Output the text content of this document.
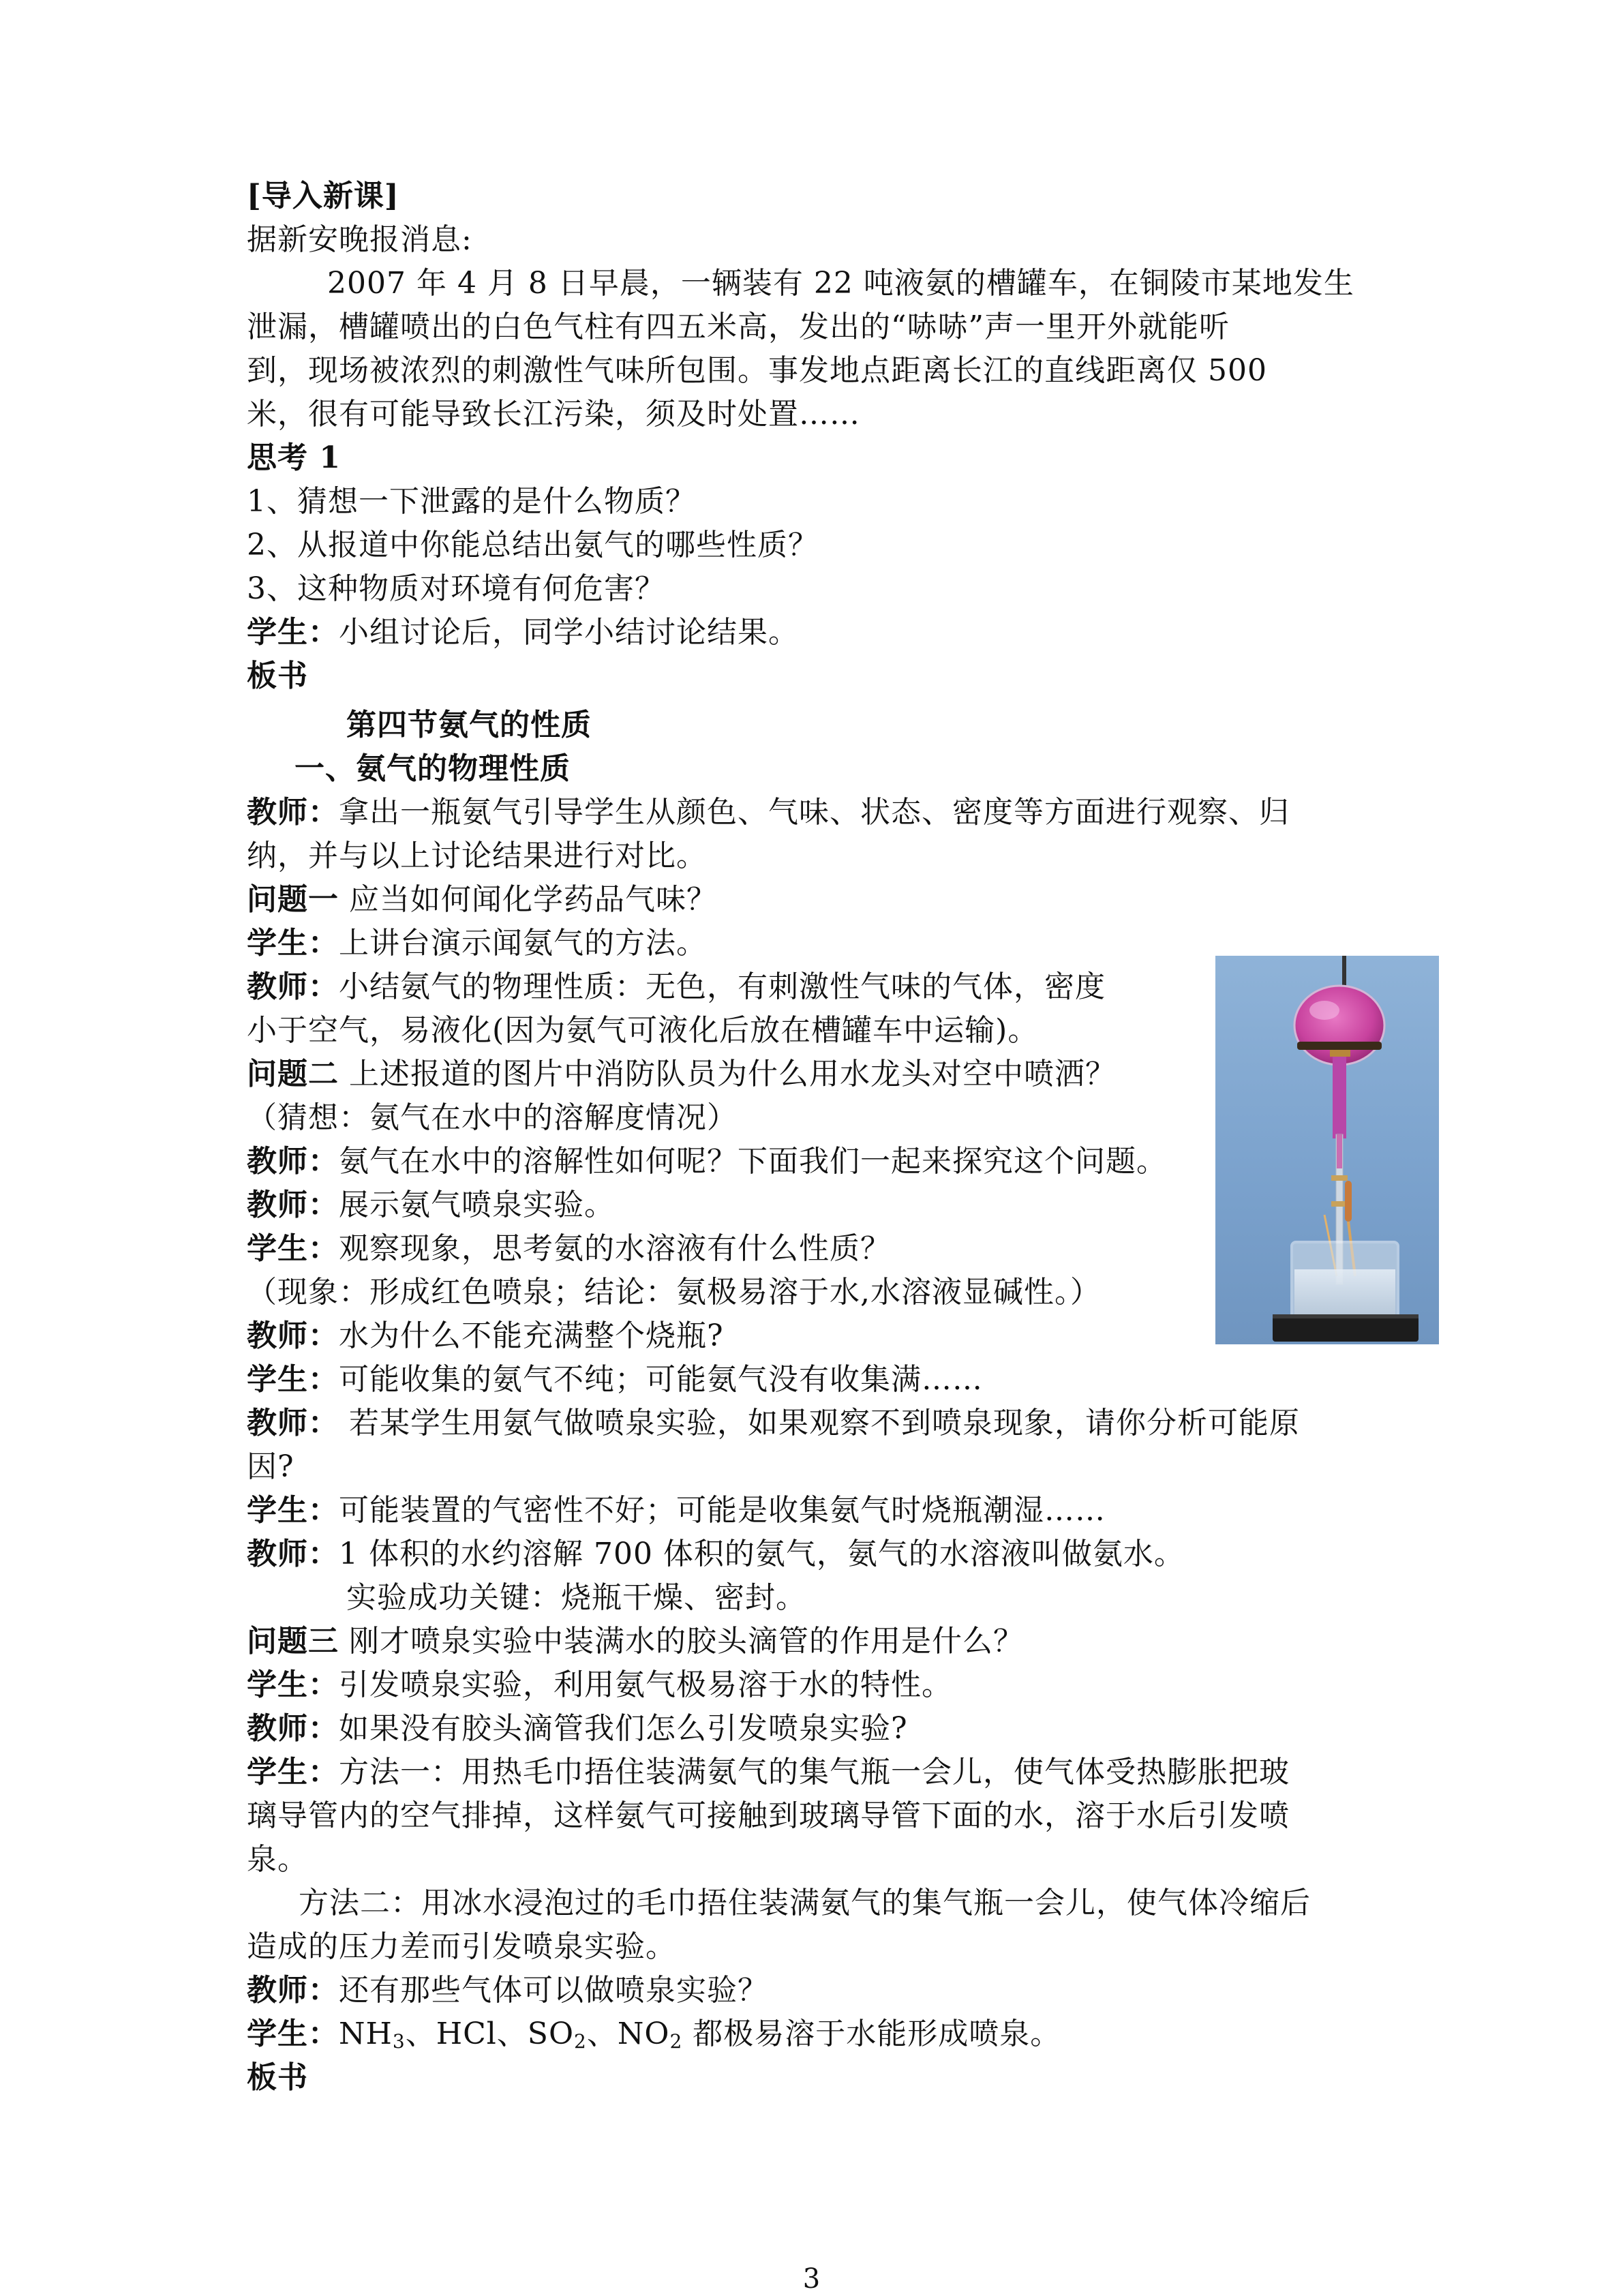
[导入新课]
据新安晚报消息:
2007 年 4 月 8 日早晨，一辆装有 22 吨液氨的槽罐车，在铜陵市某地发生
泄漏，槽罐喷出的白色气柱有四五米高，发出的“哧哧”声一里开外就能听
到，现场被浓烈的刺激性气味所包围。事发地点距离长江的直线距离仅 500
米，很有可能导致长江污染，须及时处置……
思考 1
1、猜想一下泄露的是什么物质？
2、从报道中你能总结出氨气的哪些性质？
3、这种物质对环境有何危害？
学生：小组讨论后，同学小结讨论结果。
板书
第四节氨气的性质
一、氨气的物理性质
教师：拿出一瓶氨气引导学生从颜色、气味、状态、密度等方面进行观察、归
纳，并与以上讨论结果进行对比。
问题一 应当如何闻化学药品气味？
学生：上讲台演示闻氨气的方法。
教师：小结氨气的物理性质：无色，有刺激性气味的气体，密度
小于空气，易液化(因为氨气可液化后放在槽罐车中运输)。
问题二 上述报道的图片中消防队员为什么用水龙头对空中喷洒？
（猜想：氨气在水中的溶解度情况）
教师：氨气在水中的溶解性如何呢？下面我们一起来探究这个问题。
教师：展示氨气喷泉实验。
学生：观察现象，思考氨的水溶液有什么性质？
（现象：形成红色喷泉；结论：氨极易溶于水,水溶液显碱性。）
教师：水为什么不能充满整个烧瓶?
学生：可能收集的氨气不纯；可能氨气没有收集满……
教师： 若某学生用氨气做喷泉实验，如果观察不到喷泉现象，请你分析可能原
因?
学生：可能装置的气密性不好；可能是收集氨气时烧瓶潮湿……
教师：1 体积的水约溶解 700 体积的氨气，氨气的水溶液叫做氨水。
实验成功关键：烧瓶干燥、密封。
问题三 刚才喷泉实验中装满水的胶头滴管的作用是什么？
学生：引发喷泉实验，利用氨气极易溶于水的特性。
教师：如果没有胶头滴管我们怎么引发喷泉实验?
学生：方法一：用热毛巾捂住装满氨气的集气瓶一会儿，使气体受热膨胀把玻
璃导管内的空气排掉，这样氨气可接触到玻璃导管下面的水，溶于水后引发喷
泉。
方法二：用冰水浸泡过的毛巾捂住装满氨气的集气瓶一会儿，使气体冷缩后
造成的压力差而引发喷泉实验。
教师：还有那些气体可以做喷泉实验？
学生：$NH_3$、HCl、$SO_2$、$NO_2$ 都极易溶于水能形成喷泉。
板书
3
